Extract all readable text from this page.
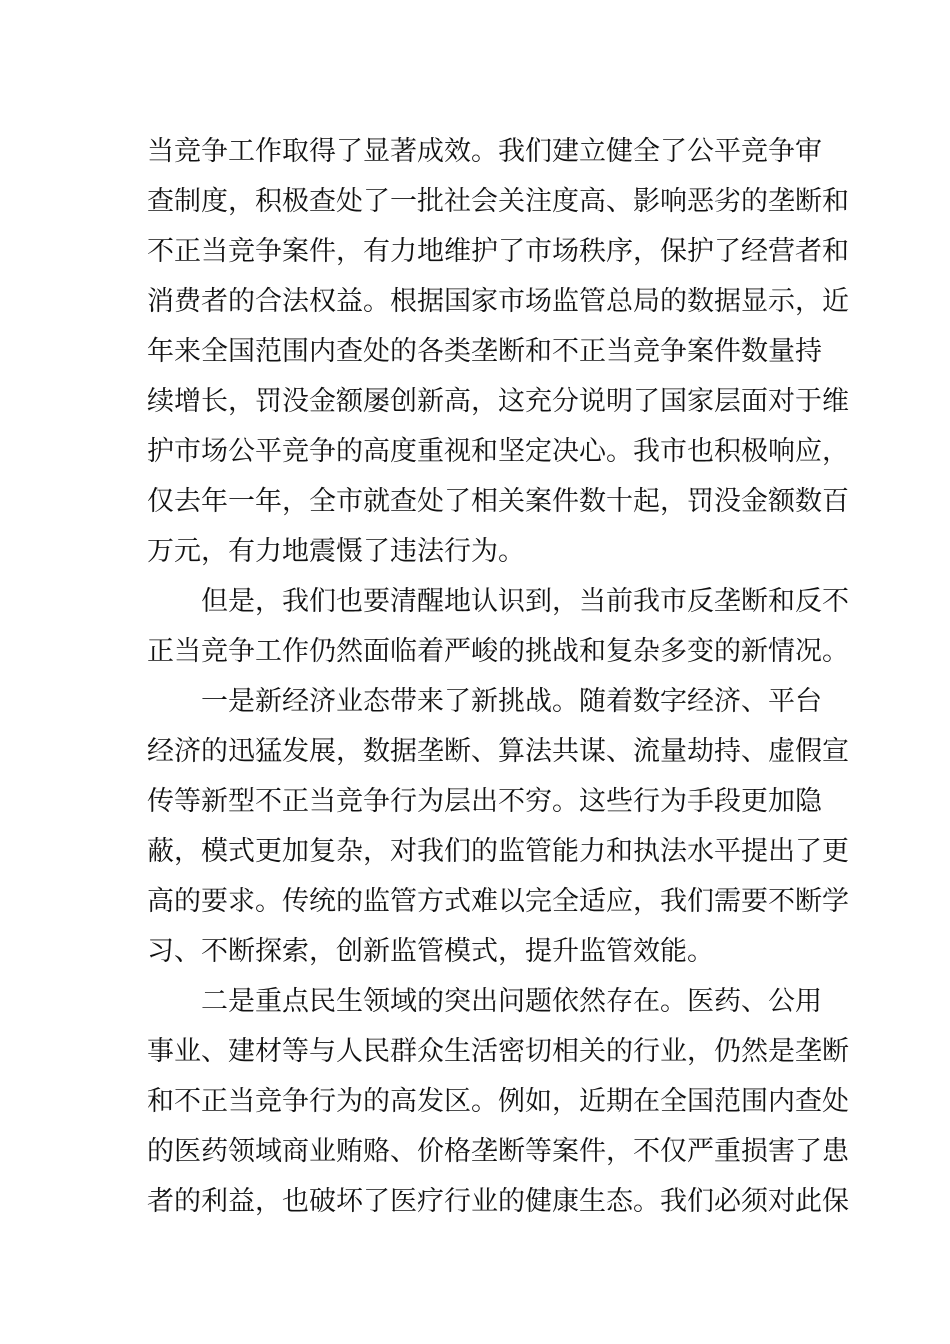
当竞争工作取得了显著成效。我们建立健全了公平竞争审
查制度，积极查处了一批社会关注度高、影响恶劣的垄断和
不正当竞争案件，有力地维护了市场秩序，保护了经营者和
消费者的合法权益。根据国家市场监管总局的数据显示，近
年来全国范围内查处的各类垄断和不正当竞争案件数量持
续增长，罚没金额屡创新高，这充分说明了国家层面对于维
护市场公平竞争的高度重视和坚定决心。我市也积极响应，
仅去年一年，全市就查处了相关案件数十起，罚没金额数百
万元，有力地震慑了违法行为。
但是，我们也要清醒地认识到，当前我市反垄断和反不
正当竞争工作仍然面临着严峻的挑战和复杂多变的新情况。
一是新经济业态带来了新挑战。随着数字经济、平台
经济的迅猛发展，数据垄断、算法共谋、流量劫持、虚假宣
传等新型不正当竞争行为层出不穷。这些行为手段更加隐
蔽，模式更加复杂，对我们的监管能力和执法水平提出了更
高的要求。传统的监管方式难以完全适应，我们需要不断学
习、不断探索，创新监管模式，提升监管效能。
二是重点民生领域的突出问题依然存在。医药、公用
事业、建材等与人民群众生活密切相关的行业，仍然是垄断
和不正当竞争行为的高发区。例如，近期在全国范围内查处
的医药领域商业贿赂、价格垄断等案件，不仅严重损害了患
者的利益，也破坏了医疗行业的健康生态。我们必须对此保
